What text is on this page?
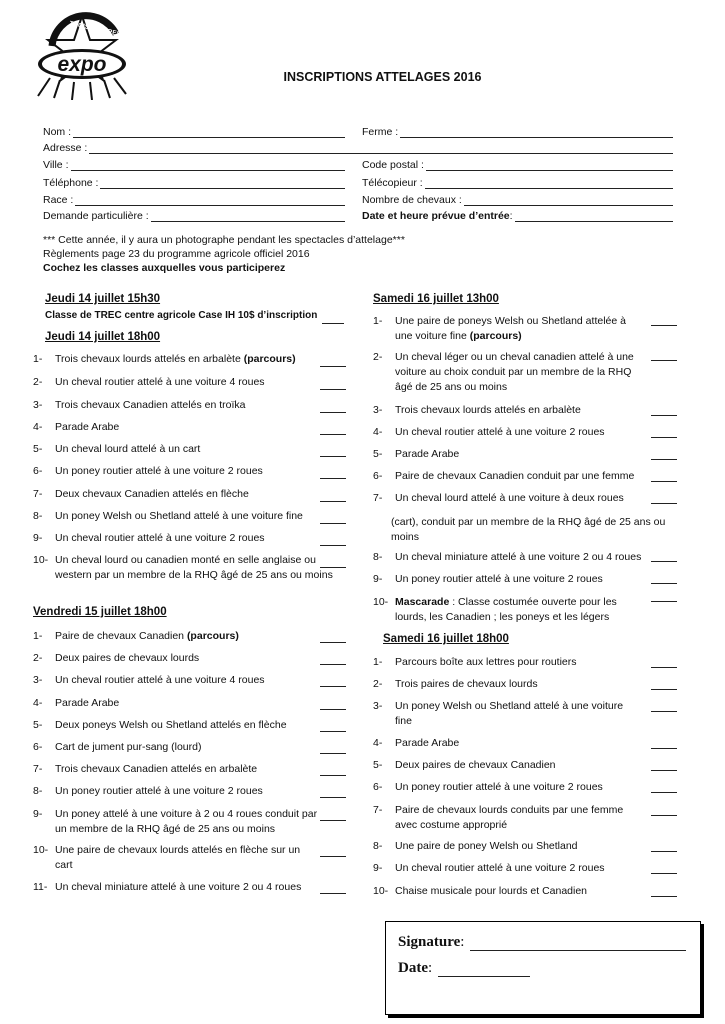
TROIS-RIVIÈRES
expo
INSCRIPTIONS ATTELAGES 2016
Nom :	Ferme :
Adresse :
Ville :	Code postal :
Téléphone :	Télécopieur :
Race :	Nombre de chevaux :
Demande particulière :	Date et heure prévue d’entrée :
*** Cette année, il y aura un photographe pendant les spectacles d’attelage***
Règlements page 23 du programme agricole officiel 2016
Cochez les classes auxquelles vous participerez
Jeudi 14 juillet 15h30
Classe de TREC centre agricole Case IH 10$ d’inscription
Jeudi 14 juillet 18h00
1-	Trois chevaux lourds attelés en arbalète (parcours)
2-	Un cheval routier attelé à une voiture 4 roues
3-	Trois chevaux Canadien attelés en troïka
4-	Parade Arabe
5-	Un cheval lourd attelé à un cart
6-	Un poney routier attelé à une voiture 2 roues
7-	Deux chevaux Canadien attelés en flèche
8-	Un poney Welsh ou Shetland attelé à une voiture fine
9-	Un cheval routier attelé à une voiture 2 roues
10- Un cheval lourd ou canadien monté en selle anglaise ou western par un membre de la RHQ âgé de 25 ans ou moins
Vendredi 15 juillet 18h00
1-	Paire de chevaux Canadien (parcours)
2-	Deux paires de chevaux lourds
3-	Un cheval routier attelé à une voiture 4 roues
4-	Parade Arabe
5-	Deux poneys Welsh ou Shetland attelés en flèche
6-	Cart de jument pur-sang (lourd)
7-	Trois chevaux Canadien attelés en arbalète
8-	Un poney routier attelé à une voiture 2 roues
9-	Un poney attelé à une voiture à 2 ou 4 roues conduit par un membre de la RHQ âgé de 25 ans ou moins
10- Une paire de chevaux lourds attelés en flèche sur un cart
11- Un cheval miniature attelé à une voiture 2 ou 4 roues
Samedi 16 juillet 13h00
1-	Une paire de poneys Welsh ou Shetland attelée à une voiture fine (parcours)
2-	Un cheval léger ou un cheval canadien attelé à une voiture au choix conduit par un membre de la RHQ âgé de 25 ans ou moins
3-	Trois chevaux lourds attelés en arbalète
4-	Un cheval routier attelé à une voiture 2 roues
5-	Parade Arabe
6-	Paire de chevaux Canadien conduit par une femme
7-	Un cheval lourd attelé à une voiture à deux roues
(cart), conduit par un membre de la RHQ âgé de 25 ans ou moins
8-	Un cheval miniature attelé à une voiture 2 ou 4 roues
9-	Un poney routier attelé à une voiture 2 roues
10- Mascarade : Classe costumée ouverte pour les lourds, les Canadien ; les poneys et les légers
Samedi 16 juillet 18h00
1-	Parcours boîte aux lettres pour routiers
2-	Trois paires de chevaux lourds
3-	Un poney Welsh ou Shetland attelé à une voiture fine
4-	Parade Arabe
5-	Deux paires de chevaux Canadien
6-	Un poney routier attelé à une voiture 2 roues
7-	Paire de chevaux lourds conduits par une femme avec costume approprié
8-	Une paire de poney Welsh ou Shetland
9-	Un cheval routier attelé à une voiture 2 roues
10- Chaise musicale pour lourds et Canadien
Signature :
Date :
